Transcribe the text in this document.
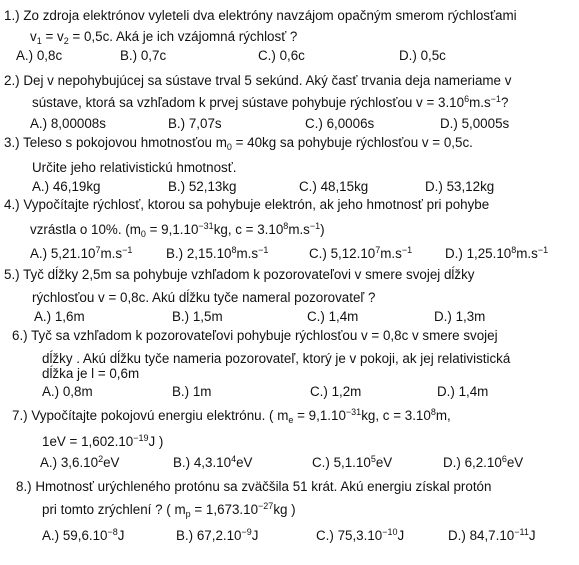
1.) Zo zdroja elektrónov vyleteli dva elektróny navzájom opačným smerom rýchlosťami
$v_1 = v_2 = 0,5c$. Aká je ich vzájomná rýchlosť ?
A.) 0,8c	B.) 0,7c	C.) 0,6c	D.) 0,5c
2.) Dej v nepohybujúcej sa sústave trval 5 sekúnd. Aký časť trvania deja nameriame v
sústave, ktorá sa vzhľadom k prvej sústave pohybuje rýchlosťou $v = 3.10^6m.s^{-1}$?
A.) 8,00008s	B.) 7,07s	C.) 6,0006s	D.) 5,0005s
3.) Teleso s pokojovou hmotnosťou $m_0 = 40kg$ sa pohybuje rýchlosťou v = 0,5c.
Určite jeho relativistickú hmotnosť.
A.) 46,19kg	B.) 52,13kg	C.) 48,15kg	D.) 53,12kg
4.) Vypočítajte rýchlosť, ktorou sa pohybuje elektrón, ak jeho hmotnosť pri pohybe
vzrástla o 10%. ($m_0 = 9,1.10^{-31}kg$, $c = 3.10^8m.s^{-1}$)
A.) $5,21.10^7m.s^{-1}$	B.) $2,15.10^8m.s^{-1}$	C.) $5,12.10^7m.s^{-1}$ D.) $1,25.10^8m.s^{-1}$
5.) Tyč dĺžky 2,5m sa pohybuje vzhľadom k pozorovateľovi v smere svojej dĺžky
rýchlosťou v = 0,8c. Akú dĺžku tyče nameral pozorovateľ ?
A.) 1,6m	B.) 1,5m	C.) 1,4m	D.) 1,3m
6.) Tyč sa vzhľadom k pozorovateľovi pohybuje rýchlosťou v = 0,8c v smere svojej
dĺžky . Akú dĺžku tyče nameria pozorovateľ, ktorý je v pokoji, ak jej relativistická
dĺžka je l = 0,6m
A.) 0,8m	B.) 1m	C.) 1,2m	D.) 1,4m
7.) Vypočítajte pokojovú energiu elektrónu. ( $m_e = 9,1.10^{-31}kg$, $c = 3.10^8m$,
$1eV = 1,602.10^{-19}J$ )
A.) 3,6.10$^2$eV	B.) 4,3.10$^4$eV	C.) 5,1.10$^5$eV	D.) 6,2.10$^6$eV
8.) Hmotnosť urýchleného protónu sa zväčšila 51 krát. Akú energiu získal protón
pri tomto zrýchlení ? ( $m_p = 1,673.10^{-27}kg$ )
A.) $59,6.10^{-8}J$	B.) $67,2.10^{-9}J$	C.) $75,3.10^{-10}J$	D.) $84,7.10^{-11}J$
